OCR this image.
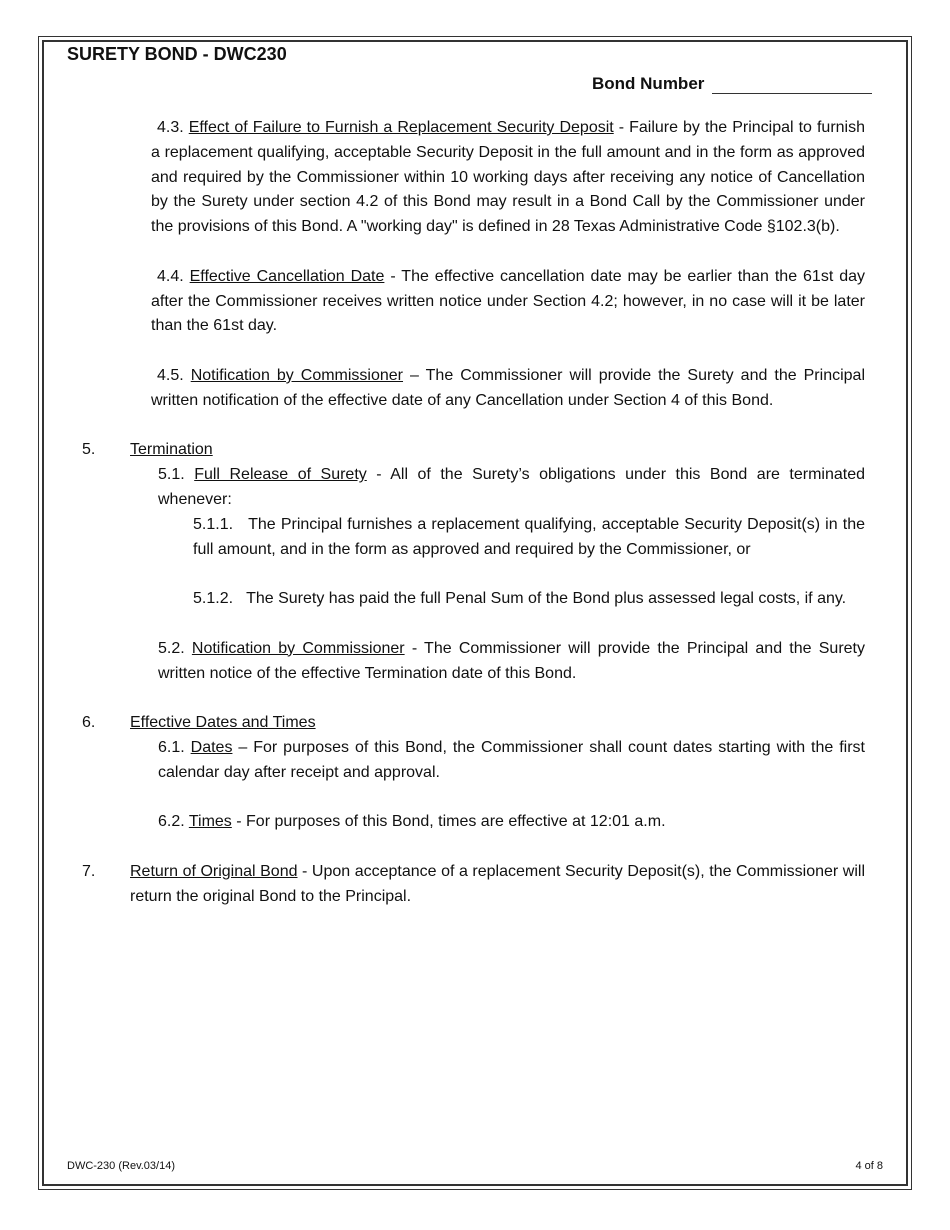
SURETY BOND - DWC230
Bond Number

4.3. Effect of Failure to Furnish a Replacement Security Deposit - Failure by the Principal to furnish a replacement qualifying, acceptable Security Deposit in the full amount and in the form as approved and required by the Commissioner within 10 working days after receiving any notice of Cancellation by the Surety under section 4.2 of this Bond may result in a Bond Call by the Commissioner under the provisions of this Bond. A "working day" is defined in 28 Texas Administrative Code §102.3(b).

4.4. Effective Cancellation Date - The effective cancellation date may be earlier than the 61st day after the Commissioner receives written notice under Section 4.2; however, in no case will it be later than the 61st day.

4.5. Notification by Commissioner – The Commissioner will provide the Surety and the Principal written notification of the effective date of any Cancellation under Section 4 of this Bond.

5. Termination

5.1. Full Release of Surety - All of the Surety’s obligations under this Bond are terminated whenever:

5.1.1. The Principal furnishes a replacement qualifying, acceptable Security Deposit(s) in the full amount, and in the form as approved and required by the Commissioner, or

5.1.2. The Surety has paid the full Penal Sum of the Bond plus assessed legal costs, if any.

5.2. Notification by Commissioner - The Commissioner will provide the Principal and the Surety written notice of the effective Termination date of this Bond.

6. Effective Dates and Times

6.1. Dates – For purposes of this Bond, the Commissioner shall count dates starting with the first calendar day after receipt and approval.

6.2. Times - For purposes of this Bond, times are effective at 12:01 a.m.

7. Return of Original Bond - Upon acceptance of a replacement Security Deposit(s), the Commissioner will return the original Bond to the Principal.

DWC-230 (Rev.03/14)	4 of 8
